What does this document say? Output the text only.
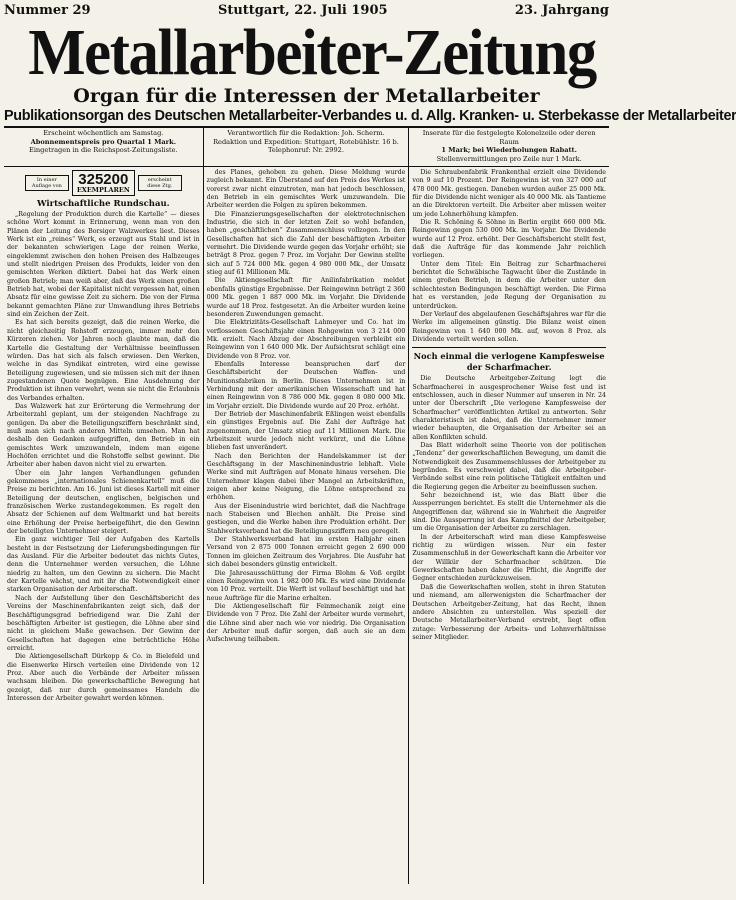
Nummer 29	Stuttgart, 22. Juli 1905	23. Jahrgang
Metallarbeiter-Zeitung
Organ für die Interessen der Metallarbeiter
Publikationsorgan des Deutschen Metallarbeiter-Verbandes u. d. Allg. Kranken- u. Sterbekasse der Metallarbeiter
Erscheint wöchentlich am Samstag.
Abonnementspreis pro Quartal 1 Mark.
Eingetragen in die Reichspost-Zeitungsliste.
Verantwortlich für die Redaktion: Joh. Scherm.
Redaktion und Expedition: Stuttgart, Rotebühlstr. 16 b.
Telephonruf: Nr. 2992.
Inserate für die festgelegte Kolonelzeile oder deren Raum
1 Mark; bei Wiederholungen Rabatt.
Stellenvermittlungen pro Zeile nur 1 Mark.
In einer Auflage von	325200
EXEMPLAREN
erscheint diese Ztg.
Wirtschaftliche Rundschau.

„Regelung der Produktion durch die Kartelle“ — dieses schöne Wort kommt in Erinnerung, wenn man von den Plänen der Leitung des Borsiger Walzwerkes liest. Dieses Werk ist ein „reines“ Werk, es erzeugt aus Stahl und ist in der bekannten schwierigen Lage der reinen Werke, eingeklemmt zwischen den hohen Preisen des Halbzeuges und stellt niedrigen Preisen des Produkts, leider von den gemischten Werken diktiert. Dabei hat das Werk einen großen Betrieb; man weiß aber, daß das Werk einen großen Betrieb hat, wobei der Kapitalist nicht vergessen hat, einen Absatz für eine gewisse Zeit zu sichern. Die von der Firma bekannt gemachten Pläne zur Umwandlung ihres Betriebs sind ein Zeichen der Zeit.

Es hat sich bereits gezeigt, daß die reinen Werke, die nicht gleichzeitig Rohstoff erzeugen, immer mehr den Kürzeren ziehen. Vor Jahren noch glaubte man, daß die Kartelle die Gestaltung der Verhältnisse beeinflussen würden. Das hat sich als falsch erwiesen. Den Werken, welche in das Syndikat eintreten, wird eine gewisse Beteiligung zugewiesen, und sie müssen sich mit der ihnen zugestandenen Quote begnügen. Eine Ausdehnung der Produktion ist ihnen verwehrt, wenn sie nicht die Erlaubnis des Verbandes erhalten.

Das Walzwerk hat zur Erörterung die Vermehrung der Arbeiterzahl geplant, um der steigenden Nachfrage zu genügen. Da aber die Beteiligungsziffern beschränkt sind, muß man sich nach anderen Mitteln umsehen. Man hat deshalb den Gedanken aufgegriffen, den Betrieb in ein gemischtes Werk umzuwandeln, indem man eigene Hochöfen errichtet und die Rohstoffe selbst gewinnt. Die Arbeiter aber haben davon nicht viel zu erwarten.

Über ein Jahr langen Verhandlungen gefunden gekommenes „internationales Schienenkartell“ muß die Preise zu berichten. Am 16. Juni ist dieses Kartell mit einer Beteiligung der deutschen, englischen, belgischen und französischen Werke zustandegekommen. Es regelt den Absatz der Schienen auf dem Weltmarkt und hat bereits eine Erhöhung der Preise herbeigeführt, die den Gewinn der beteiligten Unternehmer steigert.

Ein ganz wichtiger Teil der Aufgaben des Kartells besteht in der Festsetzung der Lieferungsbedingungen für das Ausland. Für die Arbeiter bedeutet das nichts Gutes, denn die Unternehmer werden versuchen, die Löhne niedrig zu halten, um den Gewinn zu sichern. Die Macht der Kartelle wächst, und mit ihr die Notwendigkeit einer starken Organisation der Arbeiterschaft.

Nach der Aufstellung über den Geschäftsbericht des Vereins der Maschinenfabrikanten zeigt sich, daß der Beschäftigungsgrad befriedigend war. Die Zahl der beschäftigten Arbeiter ist gestiegen, die Löhne aber sind nicht in gleichem Maße gewachsen. Der Gewinn der Gesellschaften hat dagegen eine beträchtliche Höhe erreicht.

Die Aktiengesellschaft Dürkopp & Co. in Bielefeld und die Eisenwerke Hirsch verteilen eine Dividende von 12 Proz. Aber auch die Verbände der Arbeiter müssen wachsam bleiben. Die gewerkschaftliche Bewegung hat gezeigt, daß nur durch gemeinsames Handeln die Interessen der Arbeiter gewahrt werden können.

des Planes, gehoben zu gehen. Diese Meldung wurde zugleich bekannt. Ein Überstand auf den Preis des Werkes ist vorerst zwar nicht einzutreten, man hat jedoch beschlossen, den Betrieb in ein gemischtes Werk umzuwandeln. Die Arbeiter werden die Folgen zu spüren bekommen.

Die Finanzierungsgesellschaften der elektrotechnischen Industrie, die sich in der letzten Zeit so wohl befanden, haben „geschäftlichen“ Zusammenschluss vollzogen. In den Gesellschaften hat sich die Zahl der beschäftigten Arbeiter vermehrt. Die Dividende wurde gegen das Vorjahr erhöht; sie beträgt 8 Proz. gegen 7 Proz. im Vorjahr. Der Gewinn stellte sich auf 5 724 000 Mk. gegen 4 980 000 Mk., der Umsatz stieg auf 61 Millionen Mk.

Die Aktiengesellschaft für Anilinfabrikation meldet ebenfalls günstige Ergebnisse. Der Reingewinn beträgt 2 360 000 Mk. gegen 1 887 000 Mk. im Vorjahr. Die Dividende wurde auf 18 Proz. festgesetzt. An die Arbeiter wurden keine besonderen Zuwendungen gemacht.

Die Elektrizitäts-Gesellschaft Lahmeyer und Co. hat im verflossenen Geschäftsjahr einen Rohgewinn von 3 214 000 Mk. erzielt. Nach Abzug der Abschreibungen verbleibt ein Reingewinn von 1 640 000 Mk. Der Aufsichtsrat schlägt eine Dividende von 8 Proz. vor.

Ebenfalls Interesse beanspruchen darf der Geschäftsbericht der Deutschen Waffen- und Munitionsfabriken in Berlin. Dieses Unternehmen ist in Verbindung mit der amerikanischen Wissenschaft und hat einen Reingewinn von 8 786 000 Mk. gegen 8 080 000 Mk. im Vorjahr erzielt. Die Dividende wurde auf 20 Proz. erhöht.

Der Betrieb der Maschinenfabrik Eßlingen weist ebenfalls ein günstiges Ergebnis auf. Die Zahl der Aufträge hat zugenommen, der Umsatz stieg auf 11 Millionen Mark. Die Arbeitszeit wurde jedoch nicht verkürzt, und die Löhne blieben fast unverändert.

Nach den Berichten der Handelskammer ist der Geschäftsgang in der Maschinenindustrie lebhaft. Viele Werke sind mit Aufträgen auf Monate hinaus versehen. Die Unternehmer klagen dabei über Mangel an Arbeitskräften, zeigen aber keine Neigung, die Löhne entsprechend zu erhöhen.

Aus der Eisenindustrie wird berichtet, daß die Nachfrage nach Stabeisen und Blechen anhält. Die Preise sind gestiegen, und die Werke haben ihre Produktion erhöht. Der Stahlwerksverband hat die Beteiligungsziffern neu geregelt.

Der Stahlwerksverband hat im ersten Halbjahr einen Versand von 2 875 000 Tonnen erreicht gegen 2 690 000 Tonnen im gleichen Zeitraum des Vorjahres. Die Ausfuhr hat sich dabei besonders günstig entwickelt.

Die Jahresausschüttung der Firma Blohm & Voß ergibt einen Reingewinn von 1 982 000 Mk. Es wird eine Dividende von 10 Proz. verteilt. Die Werft ist vollauf beschäftigt und hat neue Aufträge für die Marine erhalten.

Die Aktiengesellschaft für Feinmechanik zeigt eine Dividende von 7 Proz. Die Zahl der Arbeiter wurde vermehrt, die Löhne sind aber nach wie vor niedrig. Die Organisation der Arbeiter muß dafür sorgen, daß auch sie an dem Aufschwung teilhaben.

Die Schraubenfabrik Frankenthal erzielt eine Dividende von 9 auf 10 Prozent. Der Reingewinn ist von 327 000 auf 478 000 Mk. gestiegen. Daneben wurden außer 25 000 Mk. für die Dividende nicht weniger als 40 000 Mk. als Tantieme an die Direktoren verteilt. Die Arbeiter aber müssen weiter um jede Lohnerhöhung kämpfen.

Die R. Schöning & Söhne in Berlin ergibt 660 000 Mk. Reingewinn gegen 530 000 Mk. im Vorjahr. Die Dividende wurde auf 12 Proz. erhöht. Der Geschäftsbericht stellt fest, daß die Aufträge für das kommende Jahr reichlich vorliegen.

Unter dem Titel: Ein Beitrag zur Scharfmacherei berichtet die Schwäbische Tagwacht über die Zustände in einem großen Betrieb, in dem die Arbeiter unter den schlechtesten Bedingungen beschäftigt werden. Die Firma hat es verstanden, jede Regung der Organisation zu unterdrücken.

Der Verlauf des abgelaufenen Geschäftsjahres war für die Werke im allgemeinen günstig. Die Bilanz weist einen Reingewinn von 1 640 000 Mk. auf, wovon 8 Proz. als Dividende verteilt werden sollen.

Noch einmal die verlogene Kampfesweise
der Scharfmacher.

Die Deutsche Arbeitgeber-Zeitung legt die Scharfmacherei in ausgesprochener Weise fest und ist entschlossen, auch in dieser Nummer auf unseren in Nr. 24 unter der Überschrift „Die verlogene Kampfesweise der Scharfmacher“ veröffentlichten Artikel zu antworten. Sehr charakteristisch ist dabei, daß die Unternehmer immer wieder behaupten, die Organisation der Arbeiter sei an allen Konflikten schuld.

Das Blatt widerholt seine Theorie von der politischen „Tendenz“ der gewerkschaftlichen Bewegung, um damit die Notwendigkeit des Zusammenschlusses der Arbeitgeber zu begründen. Es verschweigt dabei, daß die Arbeitgeber-Verbände selbst eine rein politische Tätigkeit entfalten und die Regierung gegen die Arbeiter zu beeinflussen suchen.

Sehr bezeichnend ist, wie das Blatt über die Aussperrungen berichtet. Es stellt die Unternehmer als die Angegriffenen dar, während sie in Wahrheit die Angreifer sind. Die Aussperrung ist das Kampfmittel der Arbeitgeber, um die Organisation der Arbeiter zu zerschlagen.

In der Arbeiterschaft wird man diese Kampfesweise richtig zu würdigen wissen. Nur ein fester Zusammenschluß in der Gewerkschaft kann die Arbeiter vor der Willkür der Scharfmacher schützen. Die Gewerkschaften haben daher die Pflicht, die Angriffe der Gegner entschieden zurückzuweisen.

Daß die Gewerkschaften wollen, steht in ihren Statuten und niemand, am allerwenigsten die Scharfmacher der Deutschen Arbeitgeber-Zeitung, hat das Recht, ihnen andere Absichten zu unterstellen. Was speziell der Deutsche Metallarbeiter-Verband erstrebt, liegt offen zutage: Verbesserung der Arbeits- und Lohnverhältnisse seiner Mitglieder.
